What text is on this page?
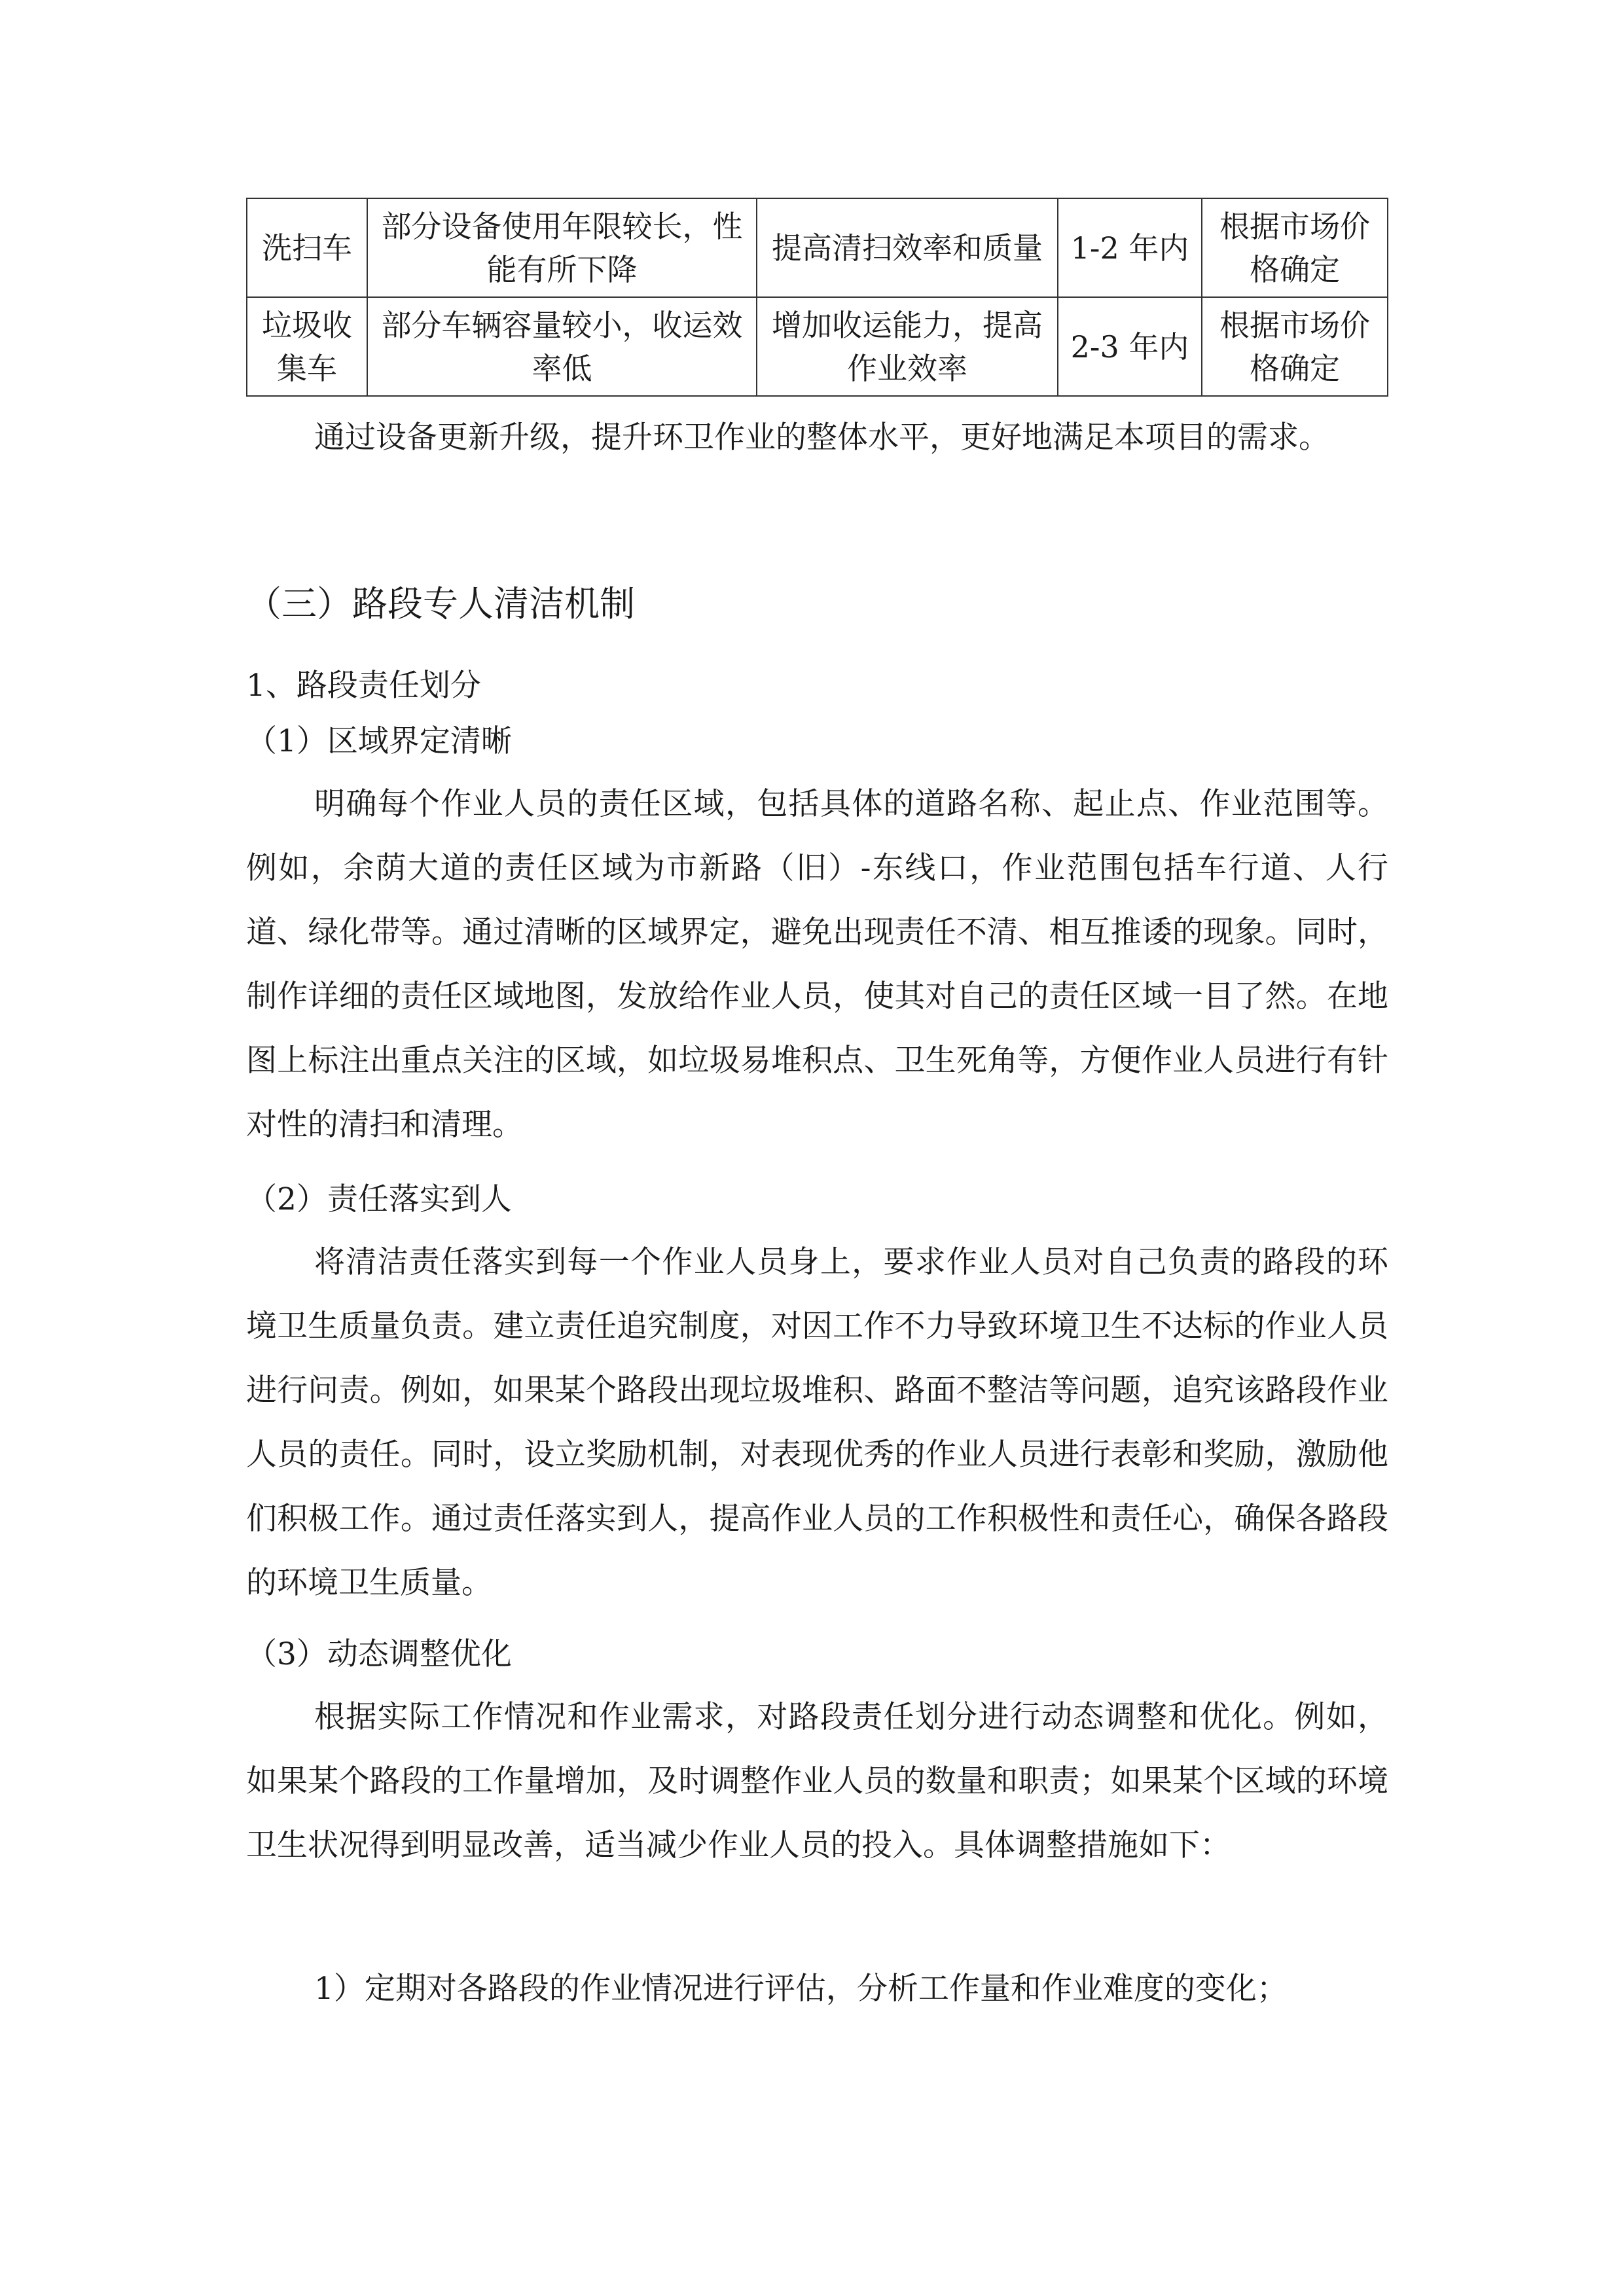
洗扫车	部分设备使用年限较长，性能有所下降	提高清扫效率和质量	1-2 年内	根据市场价格确定
垃圾收集车	部分车辆容量较小，收运效率低	增加收运能力，提高作业效率	2-3 年内	根据市场价格确定

通过设备更新升级，提升环卫作业的整体水平，更好地满足本项目的需求。

（三）路段专人清洁机制
1、路段责任划分
（1）区域界定清晰

明确每个作业人员的责任区域，包括具体的道路名称、起止点、作业范围等。例如，余荫大道的责任区域为市新路（旧）-东线口，作业范围包括车行道、人行道、绿化带等。通过清晰的区域界定，避免出现责任不清、相互推诿的现象。同时，制作详细的责任区域地图，发放给作业人员，使其对自己的责任区域一目了然。在地图上标注出重点关注的区域，如垃圾易堆积点、卫生死角等，方便作业人员进行有针对性的清扫和清理。

（2）责任落实到人

将清洁责任落实到每一个作业人员身上，要求作业人员对自己负责的路段的环境卫生质量负责。建立责任追究制度，对因工作不力导致环境卫生不达标的作业人员进行问责。例如，如果某个路段出现垃圾堆积、路面不整洁等问题，追究该路段作业人员的责任。同时，设立奖励机制，对表现优秀的作业人员进行表彰和奖励，激励他们积极工作。通过责任落实到人，提高作业人员的工作积极性和责任心，确保各路段的环境卫生质量。

（3）动态调整优化

根据实际工作情况和作业需求，对路段责任划分进行动态调整和优化。例如，如果某个路段的工作量增加，及时调整作业人员的数量和职责；如果某个区域的环境卫生状况得到明显改善，适当减少作业人员的投入。具体调整措施如下：

1）定期对各路段的作业情况进行评估，分析工作量和作业难度的变化；
